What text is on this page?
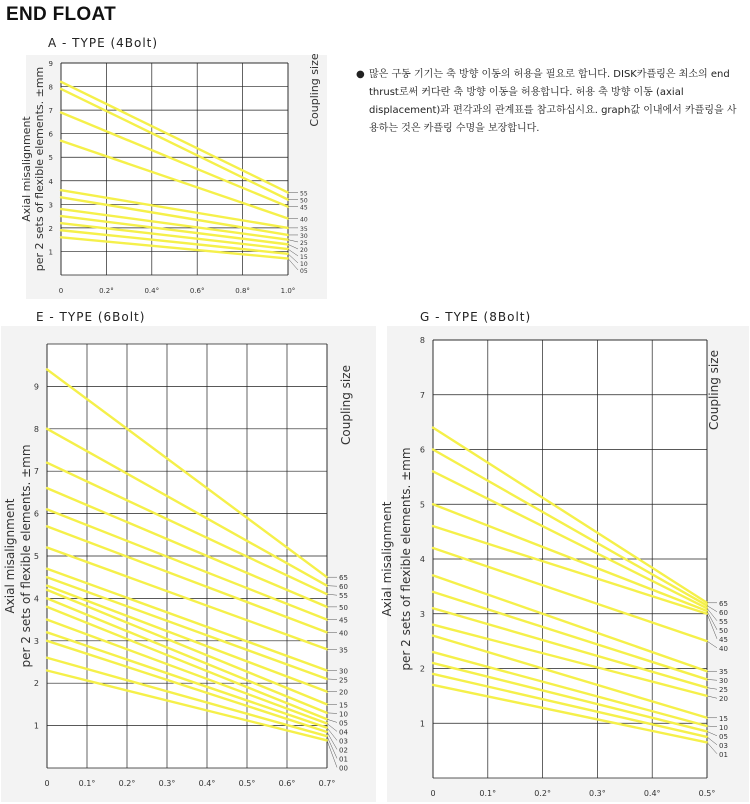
END FLOAT
A - TYPE (4Bolt)
E - TYPE (6Bolt)	G - TYPE (8Bolt)
● 많은 구동 기기는 축 방향 이동의 허용을 필요로 합니다. DISK카플링은 최소의 end thrust로써 커다란 축 방향 이동을 허용합니다. 허용 축 방향 이동 (axial displacement)과 편각과의 관계표를 참고하십시요. graph값 이내에서 카플링을 사용하는 것은 카플링 수명을 보장합니다.
0	0.2°	0.4°	0.6°	0.8°	1.0°
1
2
3
4
5
6
7
8
9
55
50
45
40
35
30
25
20
15
10
05
Coupling size
Axial misalignment per 2 sets of flexible elements. ±mm
0	0.1°	0.2°	0.3°	0.4°	0.5°	0.6°	0.7°
1
2
3
4
5
6
7
8
9
65
60
55
50
45
40
35
30
25
20
15
10
05
04
03
02
01
00
Coupling size
Axial misalignment per 2 sets of flexible elements. ±mm
0	0.1°	0.2°	0.3°	0.4°	0.5°
1
2
3
4
5
6
7
8
65
60
55
50
45
40
35
30
25
20
15
10
05
03
01
Coupling size
Axial misalignment per 2 sets of flexible elements. ±mm
